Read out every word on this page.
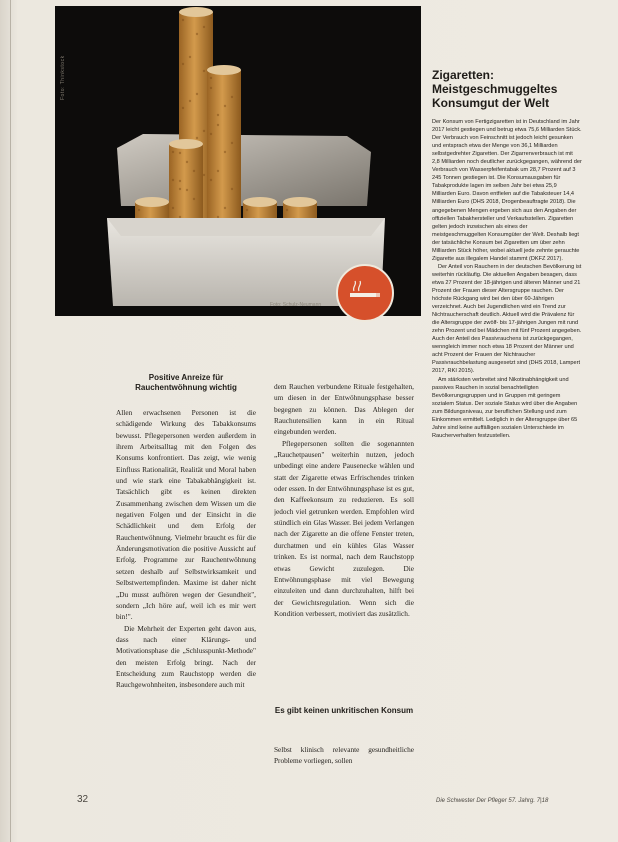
Foto: Thinkstock
Foto: Schulz-Neumann
Zigaretten: Meistgeschmuggeltes Konsumgut der Welt

Der Konsum von Fertigzigaretten ist in Deutschland im Jahr 2017 leicht gestiegen und betrug etwa 75,6 Milliarden Stück. Der Verbrauch von Feinschnitt ist jedoch leicht gesunken und entsprach etwa der Menge von 36,1 Milliarden selbstgedrehter Zigaretten. Der Zigarrenverbrauch ist mit 2,8 Milliarden noch deutlicher zurückgegangen, während der Verbrauch von Wasserpfeifentabak um 28,7 Prozent auf 3 245 Tonnen gestiegen ist. Die Konsumausgaben für Tabakprodukte lagen im selben Jahr bei etwa 25,9 Milliarden Euro. Davon entfielen auf die Tabaksteuer 14,4 Milliarden Euro (DHS 2018, Drogenbeauftragte 2018). Die angegebenen Mengen ergeben sich aus den Angaben der offiziellen Tabakhersteller und Verkaufsstellen. Zigaretten gelten jedoch inzwischen als eines der meistgeschmuggelten Konsumgüter der Welt. Deshalb liegt der tatsächliche Konsum bei Zigaretten um über zehn Milliarden Stück höher, wobei aktuell jede zehnte gerauchte Zigarette aus illegalem Handel stammt (DKFZ 2017).

Der Anteil von Rauchern in der deutschen Bevölkerung ist weiterhin rückläufig. Die aktuellen Angaben besagen, dass etwa 27 Prozent der 18-jährigen und älteren Männer und 21 Prozent der Frauen dieser Altersgruppe rauchen. Der höchste Rückgang wird bei den über 60-Jährigen verzeichnet. Auch bei Jugendlichen wird ein Trend zur Nichtraucherschaft deutlich. Aktuell wird die Prävalenz für die Altersgruppe der zwölf- bis 17-jährigen Jungen mit rund zehn Prozent und bei Mädchen mit fünf Prozent angegeben. Auch der Anteil des Passivrauchens ist zurückgegangen, wenngleich immer noch etwa 18 Prozent der Männer und acht Prozent der Frauen der Nichtraucher Passivrauchbelastung ausgesetzt sind (DHS 2018, Lampert 2017, RKI 2015).

Am stärksten verbreitet sind Nikotinabhängigkeit und passives Rauchen in sozial benachteiligten Bevölkerungsgruppen und in Gruppen mit geringem sozialem Status. Der soziale Status wird über die Angaben zum Bildungsniveau, zur beruflichen Stellung und zum Einkommen ermittelt. Lediglich in der Altersgruppe über 65 Jahre sind keine auffälligen sozialen Unterschiede im Raucherverhalten festzustellen.

Positive Anreize für Rauchentwöhnung wichtig

Allen erwachsenen Personen ist die schädigende Wirkung des Tabakkonsums bewusst. Pflegepersonen werden außerdem in ihrem Arbeitsalltag mit den Folgen des Konsums konfrontiert. Das zeigt, wie wenig Einfluss Rationalität, Realität und Moral haben und wie stark eine Tabakabhängigkeit ist. Tatsächlich gibt es keinen direkten Zusammenhang zwischen dem Wissen um die negativen Folgen und der Einsicht in die Schädlichkeit und dem Erfolg der Rauchentwöhnung. Vielmehr braucht es für die Änderungsmotivation die positive Aussicht auf Erfolg. Programme zur Rauchentwöhnung setzen deshalb auf Selbstwirksamkeit und Selbstwertempfinden. Maxime ist daher nicht „Du musst aufhören wegen der Gesundheit", sondern „Ich höre auf, weil ich es mir wert bin!".

Die Mehrheit der Experten geht davon aus, dass nach einer Klärungs- und Motivationsphase die „Schlusspunkt-Methode" den meisten Erfolg bringt. Nach der Entscheidung zum Rauchstopp werden die Rauchgewohnheiten, insbesondere auch mit

dem Rauchen verbundene Rituale festgehalten, um diesen in der Entwöhnungsphase besser begegnen zu können. Das Ablegen der Rauchutensilien kann in ein Ritual eingebunden werden.

Pflegepersonen sollten die sogenannten „Rauchetpausen" weiterhin nutzen, jedoch unbedingt eine andere Pausenecke wählen und statt der Zigarette etwas Erfrischendes trinken oder essen. In der Entwöhnungsphase ist es gut, den Kaffeekonsum zu reduzieren. Es soll jedoch viel getrunken werden. Empfohlen wird stündlich ein Glas Wasser. Bei jedem Verlangen nach der Zigarette an die offene Fenster treten, durchatmen und ein kühles Glas Wasser trinken. Es ist normal, nach dem Rauchstopp etwas Gewicht zuzulegen. Die Entwöhnungsphase mit viel Bewegung einzuleiten und dann durchzuhalten, hilft bei der Gewichtsregulation. Wenn sich die Kondition verbessert, motiviert das zusätzlich.

Es gibt keinen unkritischen Konsum

Selbst klinisch relevante gesundheitliche Probleme vorliegen, sollen

32	Die Schwester Der Pfleger 57. Jahrg. 7|18
